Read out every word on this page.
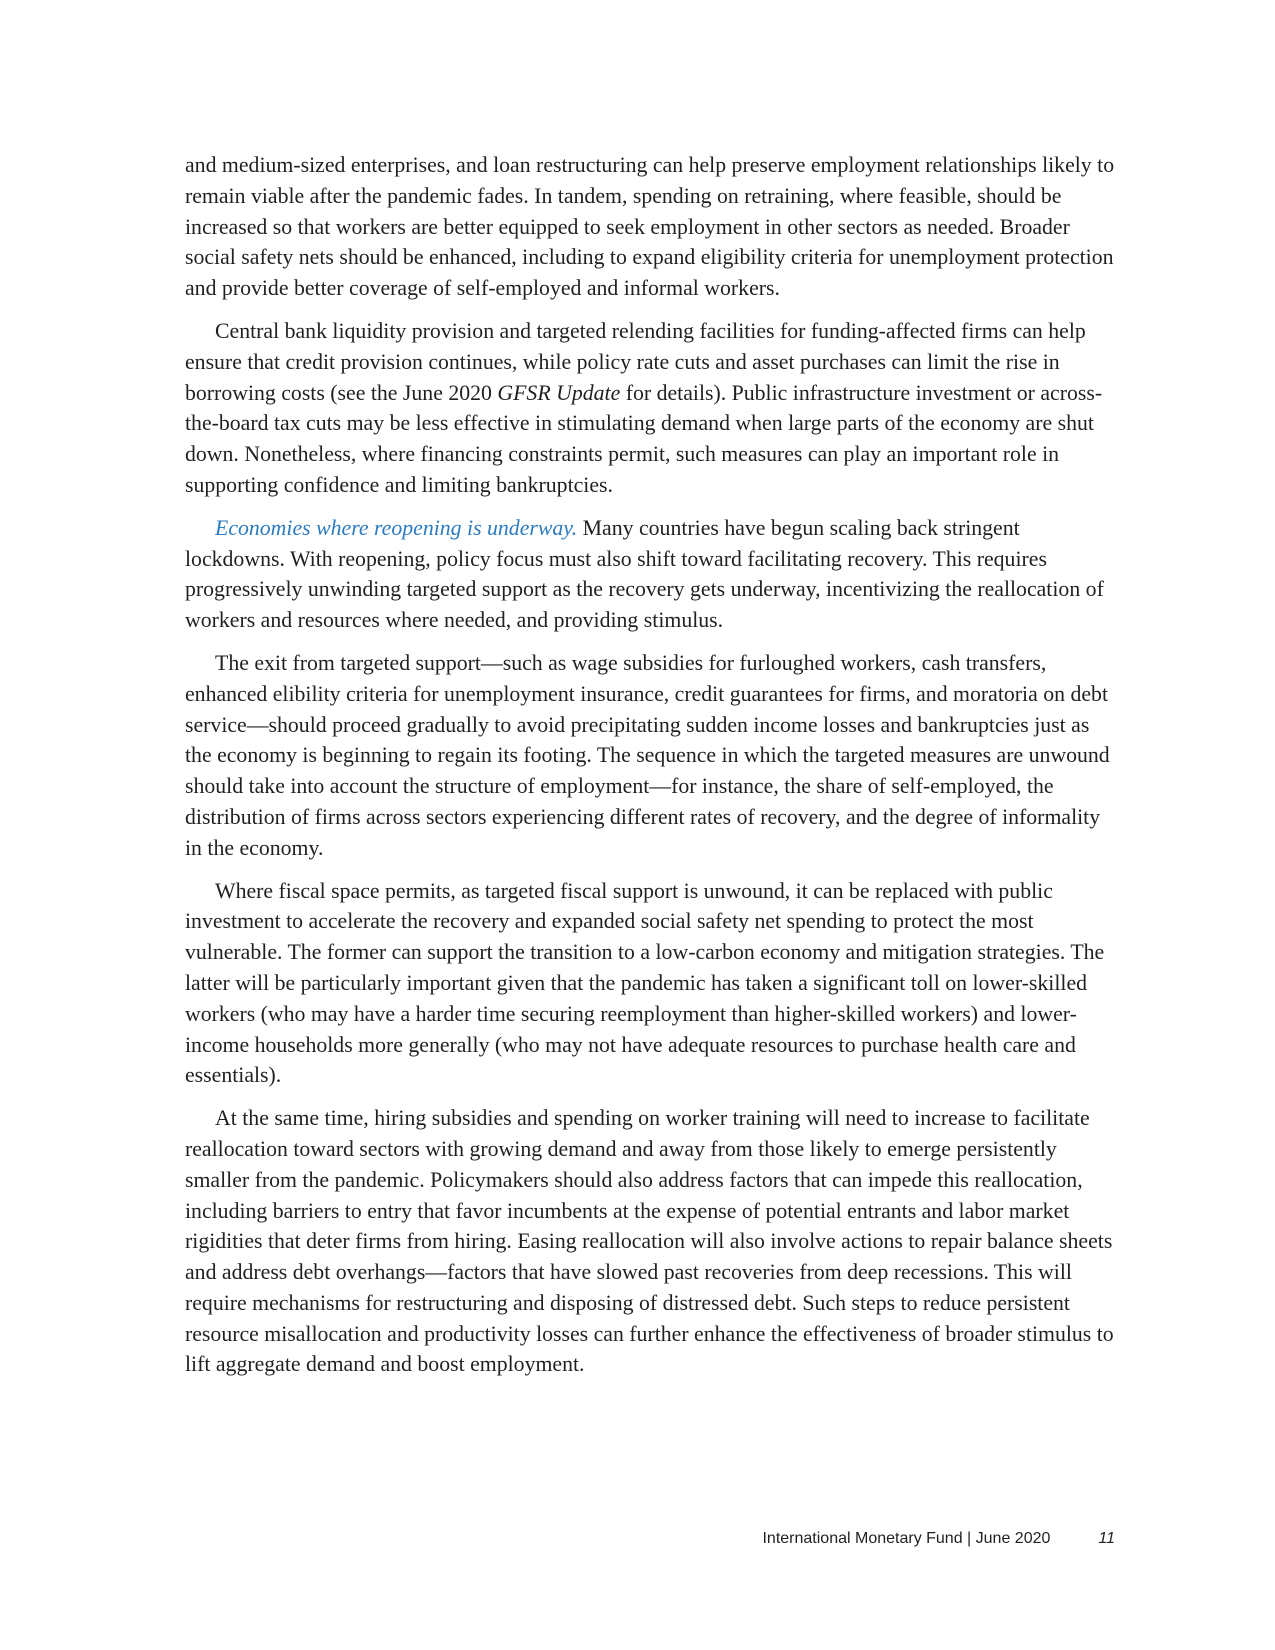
and medium-sized enterprises, and loan restructuring can help preserve employment relationships likely to remain viable after the pandemic fades. In tandem, spending on retraining, where feasible, should be increased so that workers are better equipped to seek employment in other sectors as needed. Broader social safety nets should be enhanced, including to expand eligibility criteria for unemployment protection and provide better coverage of self-employed and informal workers.

Central bank liquidity provision and targeted relending facilities for funding-affected firms can help ensure that credit provision continues, while policy rate cuts and asset purchases can limit the rise in borrowing costs (see the June 2020 GFSR Update for details). Public infrastructure investment or across-the-board tax cuts may be less effective in stimulating demand when large parts of the economy are shut down. Nonetheless, where financing constraints permit, such measures can play an important role in supporting confidence and limiting bankruptcies.

Economies where reopening is underway. Many countries have begun scaling back stringent lockdowns. With reopening, policy focus must also shift toward facilitating recovery. This requires progressively unwinding targeted support as the recovery gets underway, incentivizing the reallocation of workers and resources where needed, and providing stimulus.

The exit from targeted support—such as wage subsidies for furloughed workers, cash transfers, enhanced elibility criteria for unemployment insurance, credit guarantees for firms, and moratoria on debt service—should proceed gradually to avoid precipitating sudden income losses and bankruptcies just as the economy is beginning to regain its footing. The sequence in which the targeted measures are unwound should take into account the structure of employment—for instance, the share of self-employed, the distribution of firms across sectors experiencing different rates of recovery, and the degree of informality in the economy.

Where fiscal space permits, as targeted fiscal support is unwound, it can be replaced with public investment to accelerate the recovery and expanded social safety net spending to protect the most vulnerable. The former can support the transition to a low-carbon economy and mitigation strategies. The latter will be particularly important given that the pandemic has taken a significant toll on lower-skilled workers (who may have a harder time securing reemployment than higher-skilled workers) and lower-income households more generally (who may not have adequate resources to purchase health care and essentials).

At the same time, hiring subsidies and spending on worker training will need to increase to facilitate reallocation toward sectors with growing demand and away from those likely to emerge persistently smaller from the pandemic. Policymakers should also address factors that can impede this reallocation, including barriers to entry that favor incumbents at the expense of potential entrants and labor market rigidities that deter firms from hiring. Easing reallocation will also involve actions to repair balance sheets and address debt overhangs—factors that have slowed past recoveries from deep recessions. This will require mechanisms for restructuring and disposing of distressed debt. Such steps to reduce persistent resource misallocation and productivity losses can further enhance the effectiveness of broader stimulus to lift aggregate demand and boost employment.

International Monetary Fund | June 2020	11
